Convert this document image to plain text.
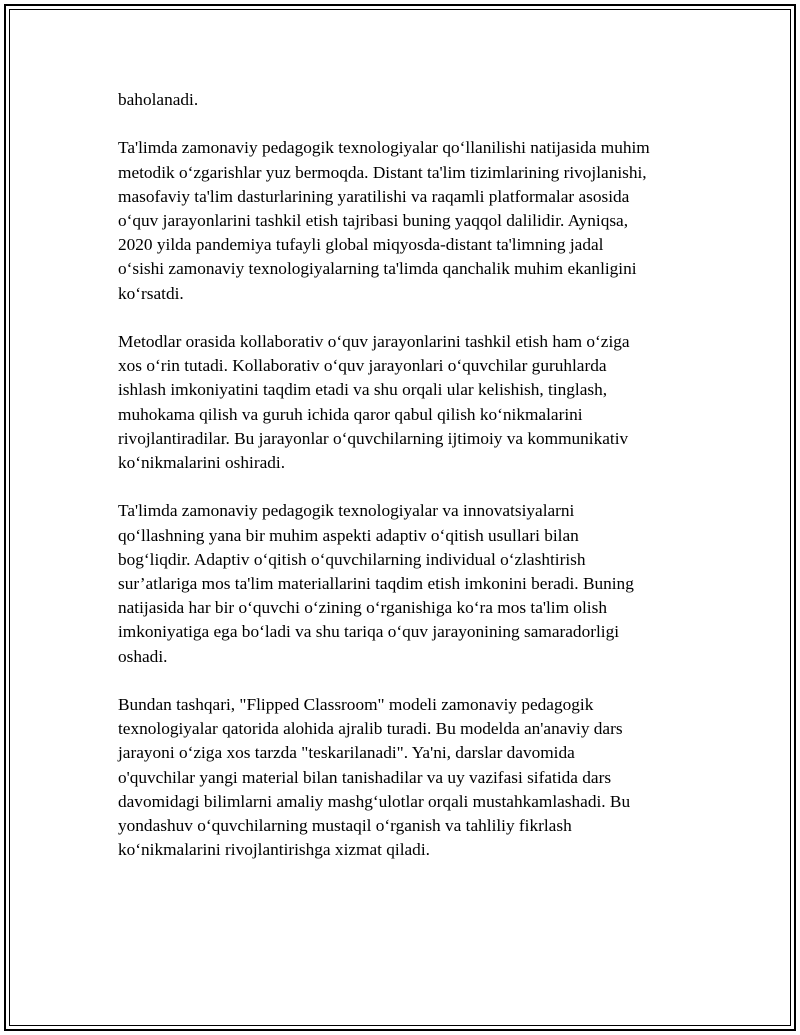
baholanadi.

Ta'limda zamonaviy pedagogik texnologiyalar qo‘llanilishi natijasida muhim
metodik o‘zgarishlar yuz bermoqda. Distant ta'lim tizimlarining rivojlanishi,
masofaviy ta'lim dasturlarining yaratilishi va raqamli platformalar asosida
o‘quv jarayonlarini tashkil etish tajribasi buning yaqqol dalilidir. Ayniqsa,
2020 yilda pandemiya tufayli global miqyosda-distant ta'limning jadal
o‘sishi zamonaviy texnologiyalarning ta'limda qanchalik muhim ekanligini
ko‘rsatdi.

Metodlar orasida kollaborativ o‘quv jarayonlarini tashkil etish ham o‘ziga
xos o‘rin tutadi. Kollaborativ o‘quv jarayonlari o‘quvchilar guruhlarda
ishlash imkoniyatini taqdim etadi va shu orqali ular kelishish, tinglash,
muhokama qilish va guruh ichida qaror qabul qilish ko‘nikmalarini
rivojlantiradilar. Bu jarayonlar o‘quvchilarning ijtimoiy va kommunikativ
ko‘nikmalarini oshiradi.

Ta'limda zamonaviy pedagogik texnologiyalar va innovatsiyalarni
qo‘llashning yana bir muhim aspekti adaptiv o‘qitish usullari bilan
bog‘liqdir. Adaptiv o‘qitish o‘quvchilarning individual o‘zlashtirish
sur’atlariga mos ta'lim materiallarini taqdim etish imkonini beradi. Buning
natijasida har bir o‘quvchi o‘zining o‘rganishiga ko‘ra mos ta'lim olish
imkoniyatiga ega bo‘ladi va shu tariqa o‘quv jarayonining samaradorligi
oshadi.

Bundan tashqari, "Flipped Classroom" modeli zamonaviy pedagogik
texnologiyalar qatorida alohida ajralib turadi. Bu modelda an'anaviy dars
jarayoni o‘ziga xos tarzda "teskarilanadi". Ya'ni, darslar davomida
o'quvchilar yangi material bilan tanishadilar va uy vazifasi sifatida dars
davomidagi bilimlarni amaliy mashg‘ulotlar orqali mustahkamlashadi. Bu
yondashuv o‘quvchilarning mustaqil o‘rganish va tahliliy fikrlash
ko‘nikmalarini rivojlantirishga xizmat qiladi.
